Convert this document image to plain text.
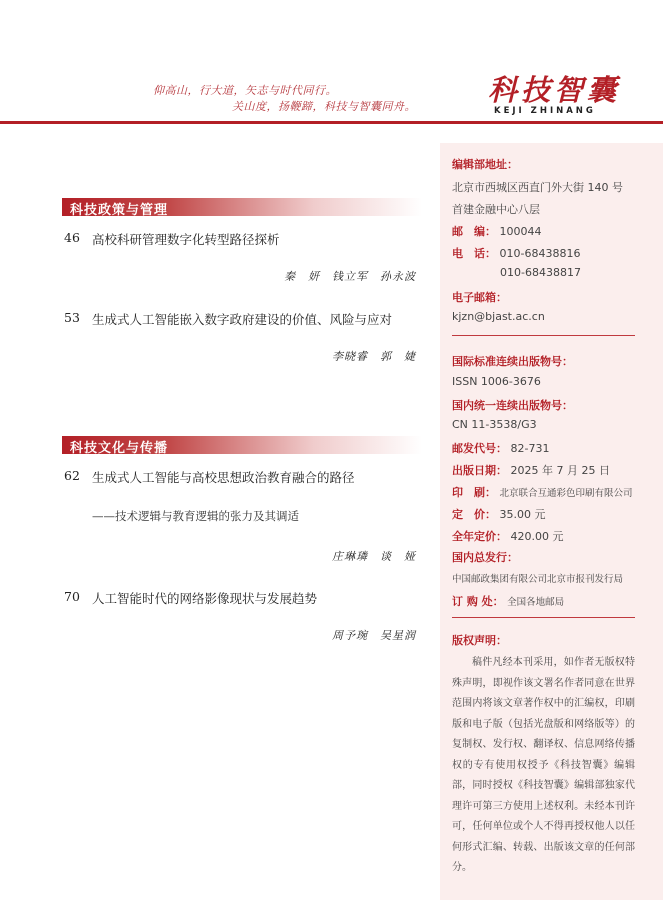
仰高山，行大道，矢志与时代同行。
关山度，扬鞭蹄，科技与智囊同舟。 科技智囊
KEJI ZHINANG
编辑部地址：
北京市西城区西直门外大街 140 号
首建金融中心八层
邮　编： 100044
电　话： 010-68438816
010-68438817
电子邮箱：
kjzn@bjast.ac.cn
国际标准连续出版物号：
ISSN 1006-3676
国内统一连续出版物号：
CN 11-3538/G3
邮发代号： 82-731
出版日期： 2025 年 7 月 25 日
印　刷： 北京联合互通彩色印刷有限公司
定　价： 35.00 元
全年定价： 420.00 元
国内总发行：
中国邮政集团有限公司北京市报刊发行局
订 购 处： 全国各地邮局
版权声明：
稿件凡经本刊采用，如作者无版权特殊声明，即视作该文署名作者同意在世界范围内将该文章著作权中的汇编权，印刷版和电子版（包括光盘版和网络版等）的复制权、发行权、翻译权、信息网络传播权的专有使用权授予《科技智囊》编辑部，同时授权《科技智囊》编辑部独家代理许可第三方使用上述权利。未经本刊许可，任何单位或个人不得再授权他人以任何形式汇编、转载、出版该文章的任何部分。
科技政策与管理
46 高校科研管理数字化转型路径探析
秦　妍　钱立军　孙永波
53 生成式人工智能嵌入数字政府建设的价值、风险与应对
李晓睿　郭　婕
科技文化与传播
62 生成式人工智能与高校思想政治教育融合的路径
——技术逻辑与教育逻辑的张力及其调适
庄琳璘　谈　娅
70 人工智能时代的网络影像现状与发展趋势
周予琬　吴星润
